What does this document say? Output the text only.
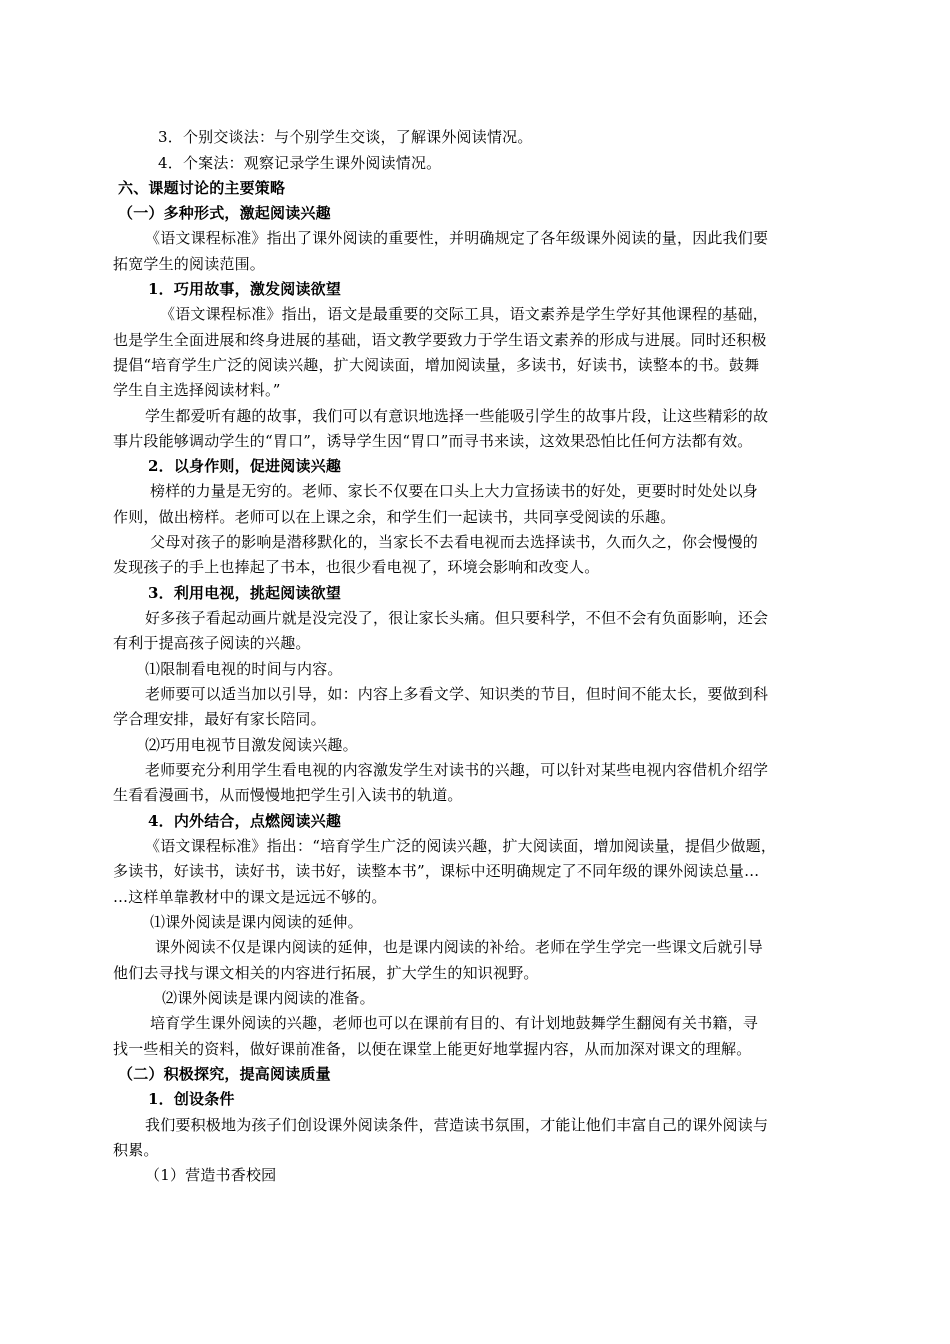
3．个别交谈法：与个别学生交谈，了解课外阅读情况。
4．个案法：观察记录学生课外阅读情况。
六、课题讨论的主要策略
（一）多种形式，激起阅读兴趣
《语文课程标准》指出了课外阅读的重要性，并明确规定了各年级课外阅读的量，因此我们要
拓宽学生的阅读范围。
1．巧用故事，激发阅读欲望
《语文课程标准》指出，语文是最重要的交际工具，语文素养是学生学好其他课程的基础，
也是学生全面进展和终身进展的基础，语文教学要致力于学生语文素养的形成与进展。同时还积极
提倡“培育学生广泛的阅读兴趣，扩大阅读面，增加阅读量，多读书，好读书，读整本的书。鼓舞
学生自主选择阅读材料。”
学生都爱听有趣的故事，我们可以有意识地选择一些能吸引学生的故事片段，让这些精彩的故
事片段能够调动学生的“胃口”，诱导学生因“胃口”而寻书来读，这效果恐怕比任何方法都有效。
2．以身作则，促进阅读兴趣
榜样的力量是无穷的。老师、家长不仅要在口头上大力宣扬读书的好处，更要时时处处以身
作则，做出榜样。老师可以在上课之余，和学生们一起读书，共同享受阅读的乐趣。
父母对孩子的影响是潜移默化的，当家长不去看电视而去选择读书，久而久之，你会慢慢的
发现孩子的手上也捧起了书本，也很少看电视了，环境会影响和改变人。
3．利用电视，挑起阅读欲望
好多孩子看起动画片就是没完没了，很让家长头痛。但只要科学，不但不会有负面影响，还会
有利于提高孩子阅读的兴趣。
⑴限制看电视的时间与内容。
老师要可以适当加以引导，如：内容上多看文学、知识类的节目，但时间不能太长，要做到科
学合理安排，最好有家长陪同。
⑵巧用电视节目激发阅读兴趣。
老师要充分利用学生看电视的内容激发学生对读书的兴趣，可以针对某些电视内容借机介绍学
生看看漫画书，从而慢慢地把学生引入读书的轨道。
4．内外结合，点燃阅读兴趣
《语文课程标准》指出：“培育学生广泛的阅读兴趣，扩大阅读面，增加阅读量，提倡少做题，
多读书，好读书，读好书，读书好，读整本书”，课标中还明确规定了不同年级的课外阅读总量…
…这样单靠教材中的课文是远远不够的。
⑴课外阅读是课内阅读的延伸。
课外阅读不仅是课内阅读的延伸，也是课内阅读的补给。老师在学生学完一些课文后就引导
他们去寻找与课文相关的内容进行拓展，扩大学生的知识视野。
⑵课外阅读是课内阅读的准备。
培育学生课外阅读的兴趣，老师也可以在课前有目的、有计划地鼓舞学生翻阅有关书籍，寻
找一些相关的资料，做好课前准备，以便在课堂上能更好地掌握内容，从而加深对课文的理解。
（二）积极探究，提高阅读质量
1．创设条件
我们要积极地为孩子们创设课外阅读条件，营造读书氛围，才能让他们丰富自己的课外阅读与
积累。
（1）营造书香校园
